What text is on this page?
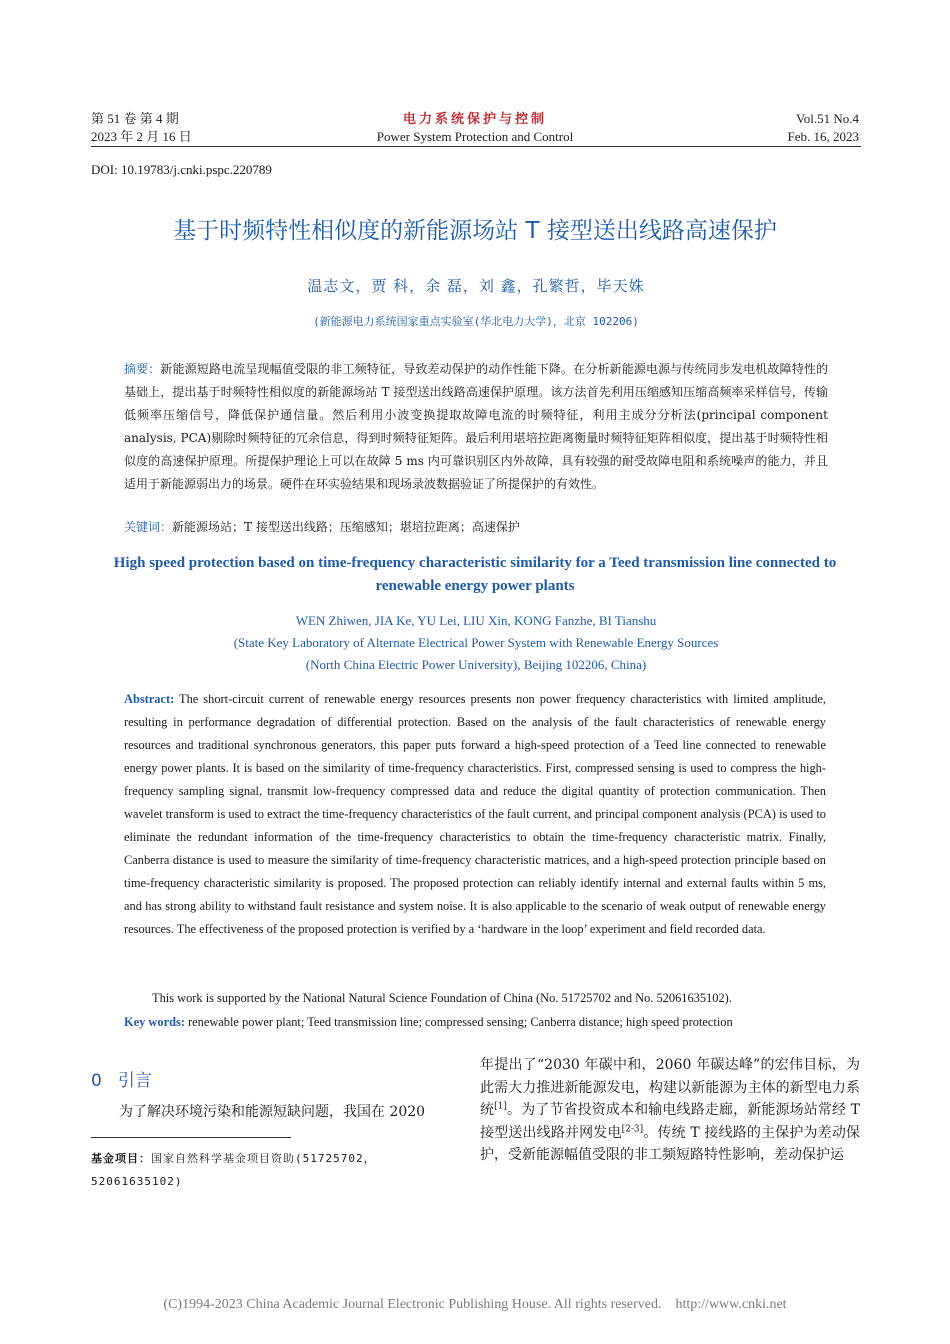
第 51 卷 第 4 期
2023 年 2 月 16 日
电力系统保护与控制
Power System Protection and Control
Vol.51 No.4
Feb. 16, 2023
DOI: 10.19783/j.cnki.pspc.220789
基于时频特性相似度的新能源场站 T 接型送出线路高速保护
温志文，贾 科，余 磊，刘 鑫，孔繁哲，毕天姝
(新能源电力系统国家重点实验室(华北电力大学)，北京 102206)
摘要：新能源短路电流呈现幅值受限的非工频特征，导致差动保护的动作性能下降。在分析新能源电源与传统同步发电机故障特性的基础上，提出基于时频特性相似度的新能源场站 T 接型送出线路高速保护原理。该方法首先利用压缩感知压缩高频率采样信号，传输低频率压缩信号，降低保护通信量。然后利用小波变换提取故障电流的时频特征，利用主成分分析法(principal component analysis, PCA)剔除时频特征的冗余信息，得到时频特征矩阵。最后利用堪培拉距离衡量时频特征矩阵相似度，提出基于时频特性相似度的高速保护原理。所提保护理论上可以在故障 5 ms 内可靠识别区内外故障，具有较强的耐受故障电阻和系统噪声的能力，并且适用于新能源弱出力的场景。硬件在环实验结果和现场录波数据验证了所提保护的有效性。
关键词：新能源场站；T 接型送出线路；压缩感知；堪培拉距离；高速保护
High speed protection based on time-frequency characteristic similarity for a Teed transmission line connected to renewable energy power plants
WEN Zhiwen, JIA Ke, YU Lei, LIU Xin, KONG Fanzhe, BI Tianshu
(State Key Laboratory of Alternate Electrical Power System with Renewable Energy Sources
(North China Electric Power University), Beijing 102206, China)
Abstract: The short-circuit current of renewable energy resources presents non power frequency characteristics with limited amplitude, resulting in performance degradation of differential protection. Based on the analysis of the fault characteristics of renewable energy resources and traditional synchronous generators, this paper puts forward a high-speed protection of a Teed line connected to renewable energy power plants. It is based on the similarity of time-frequency characteristics. First, compressed sensing is used to compress the high-frequency sampling signal, transmit low-frequency compressed data and reduce the digital quantity of protection communication. Then wavelet transform is used to extract the time-frequency characteristics of the fault current, and principal component analysis (PCA) is used to eliminate the redundant information of the time-frequency characteristics to obtain the time-frequency characteristic matrix. Finally, Canberra distance is used to measure the similarity of time-frequency characteristic matrices, and a high-speed protection principle based on time-frequency characteristic similarity is proposed. The proposed protection can reliably identify internal and external faults within 5 ms, and has strong ability to withstand fault resistance and system noise. It is also applicable to the scenario of weak output of renewable energy resources. The effectiveness of the proposed protection is verified by a ‘hardware in the loop’ experiment and field recorded data.
This work is supported by the National Natural Science Foundation of China (No. 51725702 and No. 52061635102).
Key words: renewable power plant; Teed transmission line; compressed sensing; Canberra distance; high speed protection
0 引言
为了解决环境污染和能源短缺问题，我国在 2020
基金项目：国家自然科学基金项目资助(51725702，52061635102)
年提出了“2030 年碳中和，2060 年碳达峰”的宏伟目标，为此需大力推进新能源发电，构建以新能源为主体的新型电力系统[1]。为了节省投资成本和输电线路走廊，新能源场站常经 T 接型送出线路并网发电[2-3]。传统 T 接线路的主保护为差动保护，受新能源幅值受限的非工频短路特性影响，差动保护运
(C)1994-2023 China Academic Journal Electronic Publishing House. All rights reserved.    http://www.cnki.net
